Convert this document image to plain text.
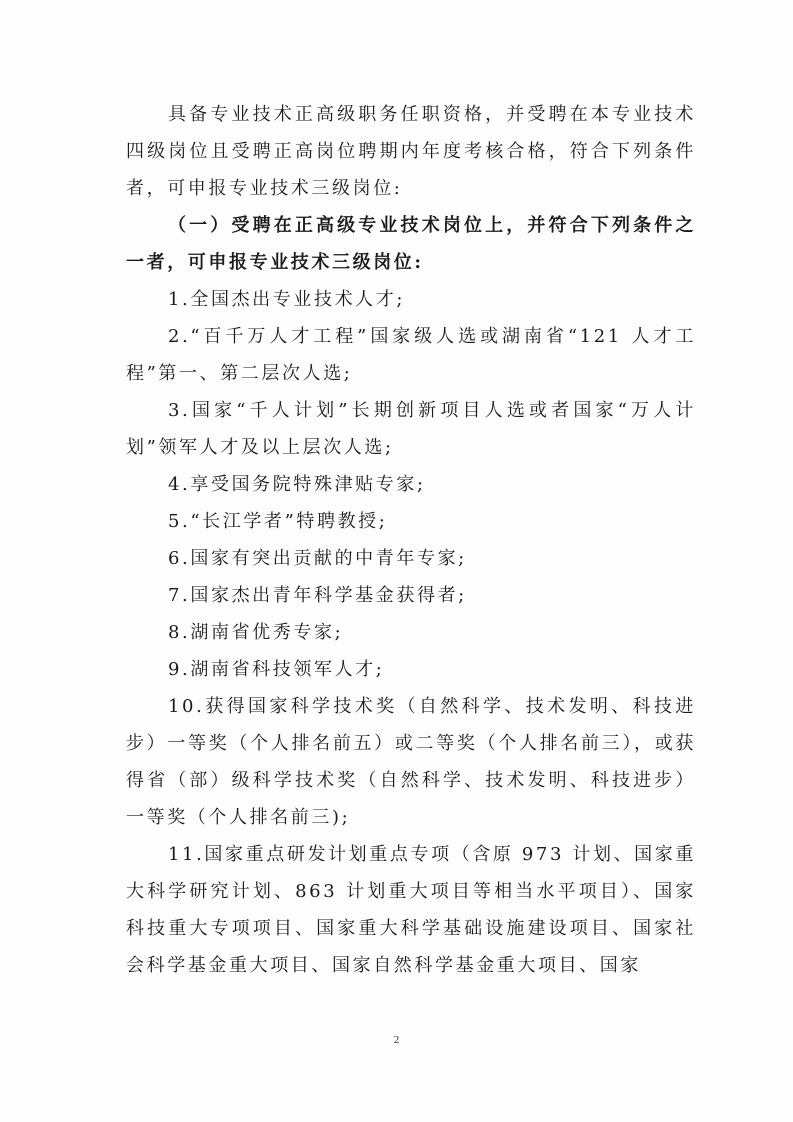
具备专业技术正高级职务任职资格，并受聘在本专业技术四级岗位且受聘正高岗位聘期内年度考核合格，符合下列条件者，可申报专业技术三级岗位:

（一）受聘在正高级专业技术岗位上，并符合下列条件之一者，可申报专业技术三级岗位:

1.全国杰出专业技术人才;

2.“百千万人才工程”国家级人选或湖南省“121 人才工程”第一、第二层次人选;

3.国家“千人计划”长期创新项目人选或者国家“万人计划”领军人才及以上层次人选;

4.享受国务院特殊津贴专家;

5.“长江学者”特聘教授;

6.国家有突出贡献的中青年专家;

7.国家杰出青年科学基金获得者;

8.湖南省优秀专家;

9.湖南省科技领军人才;

10.获得国家科学技术奖（自然科学、技术发明、科技进步）一等奖（个人排名前五）或二等奖（个人排名前三），或获得省（部）级科学技术奖（自然科学、技术发明、科技进步）一等奖（个人排名前三);

11.国家重点研发计划重点专项（含原 973 计划、国家重大科学研究计划、863 计划重大项目等相当水平项目）、国家科技重大专项项目、国家重大科学基础设施建设项目、国家社会科学基金重大项目、国家自然科学基金重大项目、国家

2
